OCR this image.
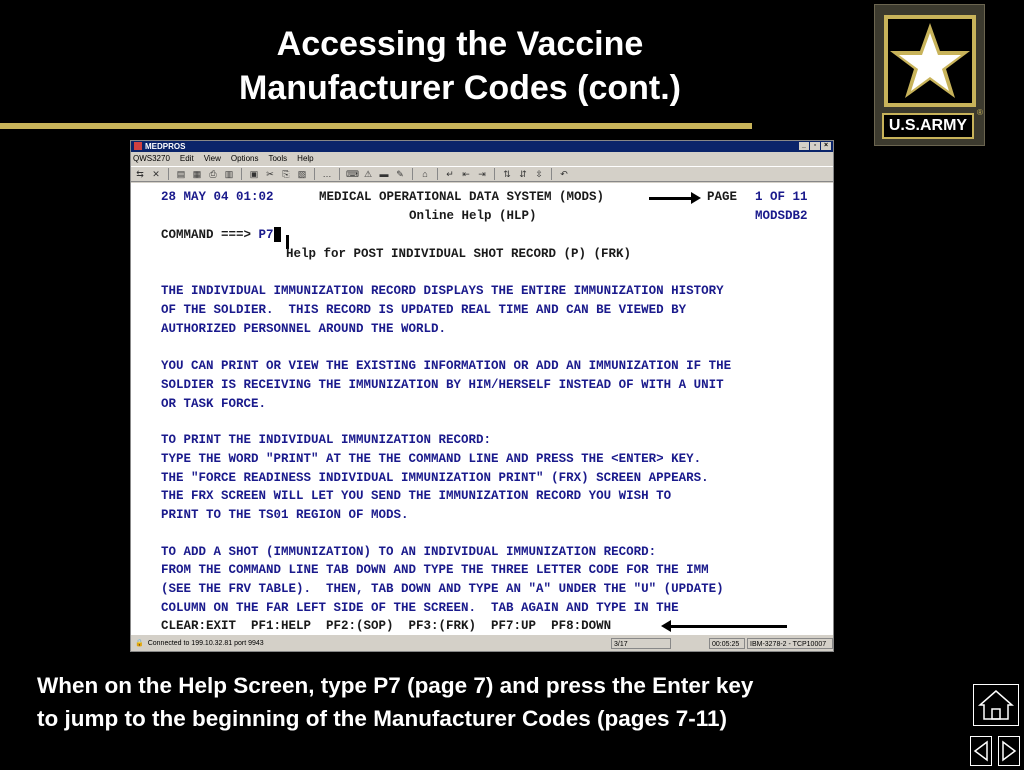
Accessing the Vaccine
Manufacturer Codes (cont.)
U.S.ARMY
®
MEDPROS	_	▫	×
QWS3270 Edit View Options Tools Help
⇆ ✕ ▤ ▦ ⎙ ▥ ▣ ✂ ⎘ ▧ … ⌨ ⚠ ▬ ✎	⌂	↵ ⇤ ⇥ ⇅ ⇵ ⇳ ↶
28 MAY 04 01:02	MEDICAL OPERATIONAL DATA SYSTEM (MODS)	PAGE 1 OF 11
Online Help (HLP)	MODSDB2
COMMAND ===> P7
Help for POST INDIVIDUAL SHOT RECORD (P) (FRK)
THE INDIVIDUAL IMMUNIZATION RECORD DISPLAYS THE ENTIRE IMMUNIZATION HISTORY
OF THE SOLDIER.  THIS RECORD IS UPDATED REAL TIME AND CAN BE VIEWED BY
AUTHORIZED PERSONNEL AROUND THE WORLD.
YOU CAN PRINT OR VIEW THE EXISTING INFORMATION OR ADD AN IMMUNIZATION IF THE
SOLDIER IS RECEIVING THE IMMUNIZATION BY HIM/HERSELF INSTEAD OF WITH A UNIT
OR TASK FORCE.
TO PRINT THE INDIVIDUAL IMMUNIZATION RECORD:
TYPE THE WORD "PRINT" AT THE THE COMMAND LINE AND PRESS THE <ENTER> KEY.
THE "FORCE READINESS INDIVIDUAL IMMUNIZATION PRINT" (FRX) SCREEN APPEARS.
THE FRX SCREEN WILL LET YOU SEND THE IMMUNIZATION RECORD YOU WISH TO
PRINT TO THE TS01 REGION OF MODS.
TO ADD A SHOT (IMMUNIZATION) TO AN INDIVIDUAL IMMUNIZATION RECORD:
FROM THE COMMAND LINE TAB DOWN AND TYPE THE THREE LETTER CODE FOR THE IMM
(SEE THE FRV TABLE).  THEN, TAB DOWN AND TYPE AN "A" UNDER THE "U" (UPDATE)
COLUMN ON THE FAR LEFT SIDE OF THE SCREEN.  TAB AGAIN AND TYPE IN THE
CLEAR:EXIT  PF1:HELP  PF2:(SOP)  PF3:(FRK)  PF7:UP  PF8:DOWN
🔒 Connected to 199.10.32.81 port 9943	3/17	00:05:25	IBM-3278-2 - TCP10007
When on the Help Screen, type P7 (page 7) and press the Enter key
to jump to the beginning of the Manufacturer Codes (pages 7-11)
